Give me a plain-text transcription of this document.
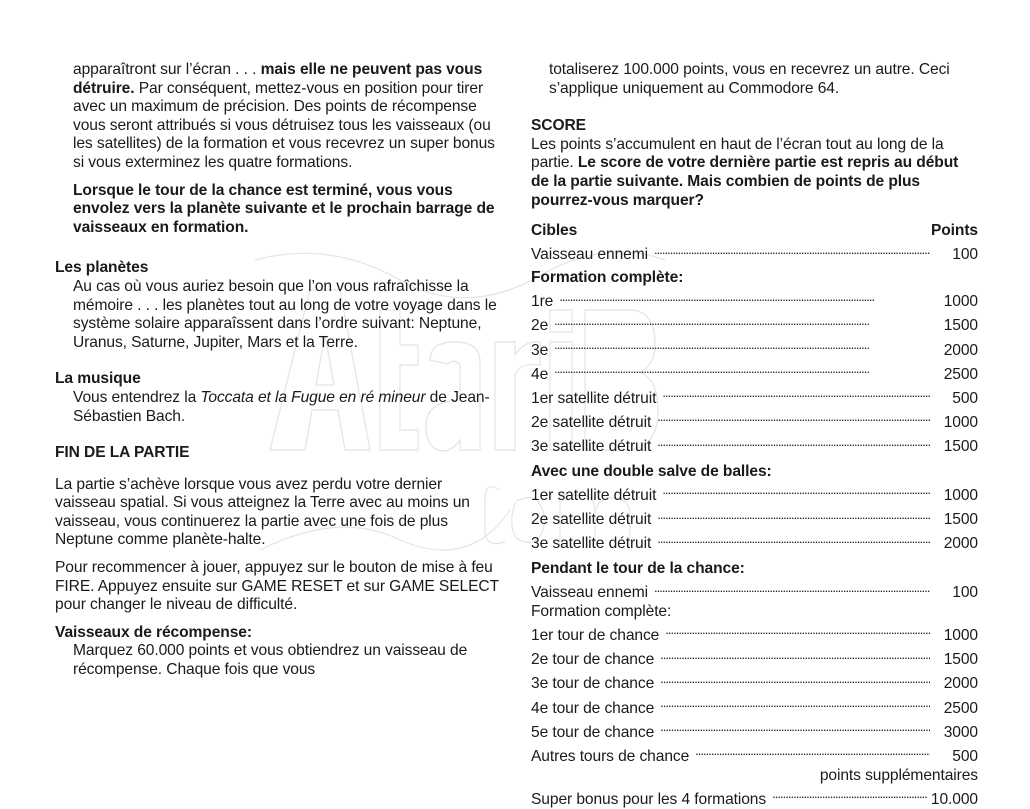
apparaîtront sur l’écran . . . mais elle ne peuvent pas vous détruire. Par conséquent, mettez-vous en position pour tirer avec un maximum de précision. Des points de récompense vous seront attribués si vous détruisez tous les vaisseaux (ou les satellites) de la formation et vous recevrez un super bonus si vous exterminez les quatre formations.

Lorsque le tour de la chance est terminé, vous vous envolez vers la planète suivante et le prochain barrage de vaisseaux en formation.

Les planètes

Au cas où vous auriez besoin que l’on vous rafraîchisse la mémoire . . . les planètes tout au long de votre voyage dans le système solaire apparaîssent dans l’ordre suivant: Neptune, Uranus, Saturne, Jupiter, Mars et la Terre.

La musique

Vous entendrez la Toccata et la Fugue en ré mineur de Jean-Sébastien Bach.

FIN DE LA PARTIE

La partie s’achève lorsque vous avez perdu votre dernier vaisseau spatial. Si vous atteignez la Terre avec au moins un vaisseau, vous continuerez la partie avec une fois de plus Neptune comme planète-halte.

Pour recommencer à jouer, appuyez sur le bouton de mise à feu FIRE. Appuyez ensuite sur GAME RESET et sur GAME SELECT pour changer le niveau de difficulté.

Vaisseaux de récompense:

Marquez 60.000 points et vous obtiendrez un vaisseau de récompense. Chaque fois que vous

totaliserez 100.000 points, vous en recevrez un autre. Ceci s’applique uniquement au Commodore 64.

SCORE

Les points s’accumulent en haut de l’écran tout au long de la partie. Le score de votre dernière partie est repris au début de la partie suivante. Mais combien de points de plus pourrez-vous marquer?

Cibles	Points
Vaisseau ennemi . . .	100
Formation complète:
1re . . .	1000
2e . . .	1500
3e . . .	2000
4e . . .	2500
1er satellite détruit . . .	500
2e satellite détruit . . .	1000
3e satellite détruit . . .	1500
Avec une double salve de balles:
1er satellite détruit . . .	1000
2e satellite détruit . . .	1500
3e satellite détruit . . .	2000
Pendant le tour de la chance:
Vaisseau ennemi . . .	100
Formation complète:
1er tour de chance . . .	1000
2e tour de chance . . .	1500
3e tour de chance . . .	2000
4e tour de chance . . .	2500
5e tour de chance . . .	3000
Autres tours de chance . . .	500
points supplémentaires
Super bonus pour les 4 formations . . .	10.000
